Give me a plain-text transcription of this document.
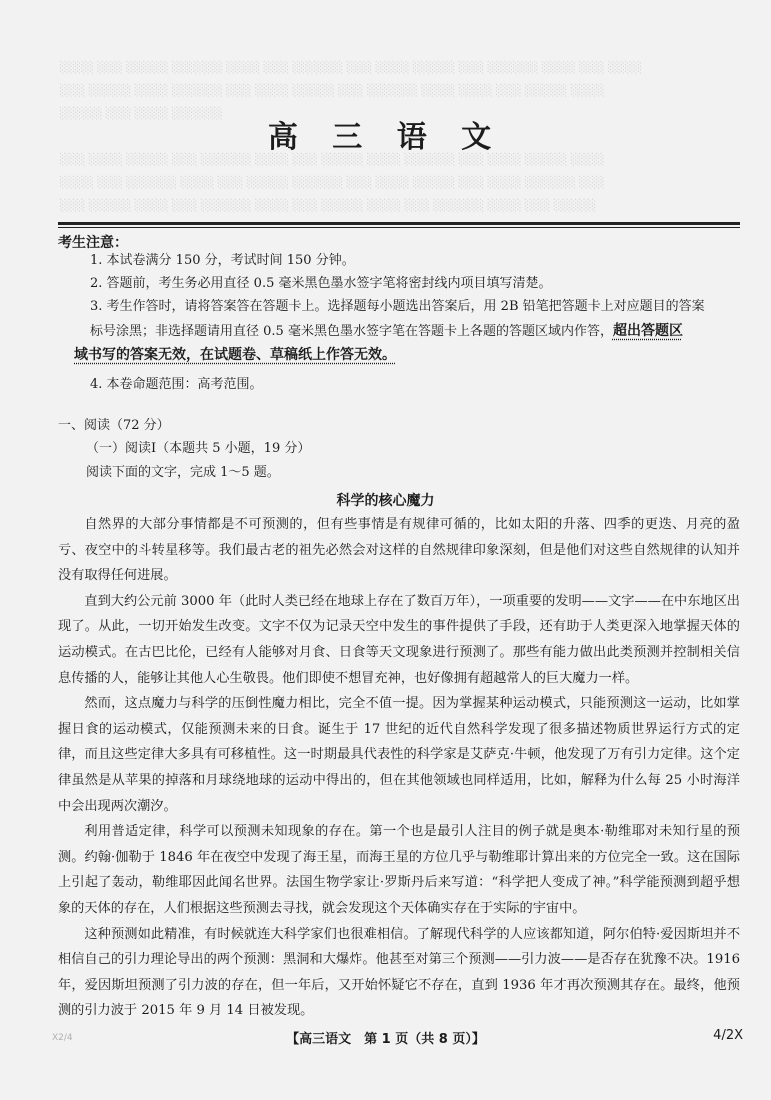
░░░░ ░░░ ░░░░░ ░░░░░░ ░░░░ ░░░ ░░░░░░ ░░░ ░░░░ ░░░░░ ░░░ ░░░░░░ ░░░░ ░░░ ░░░░
░░░ ░░░░░ ░░░░ ░░░░░░ ░░░ ░░░░ ░░░░░ ░░░ ░░░░░░ ░░░░ ░░░░ ░░░ ░░░░░ ░░░░
░░░░░ ░░░ ░░░░ ░░░░░░

░░░ ░░░░ ░░░░░ ░░░ ░░░░░░ ░░░░ ░░░ ░░░░░ ░░░░ ░░░░░░ ░░░ ░░░░ ░░░░░ ░░░░
░░░░ ░░░ ░░░░░░ ░░░░ ░░░ ░░░░░ ░░░░░░ ░░░ ░░░░ ░░░░░ ░░░ ░░░░ ░░░░░░ ░░░
░░░ ░░░░░ ░░░░ ░░░ ░░░░░░ ░░░░ ░░░ ░░░░░ ░░░░ ░░░ ░░░░░░ ░░░░ ░░░ ░░░░░
高 三 语 文
考生注意：
1. 本试卷满分 150 分，考试时间 150 分钟。
2. 答题前，考生务必用直径 0.5 毫米黑色墨水签字笔将密封线内项目填写清楚。
3. 考生作答时，请将答案答在答题卡上。选择题每小题选出答案后，用 2B 铅笔把答题卡上对应题目的答案
标号涂黑；非选择题请用直径 0.5 毫米黑色墨水签字笔在答题卡上各题的答题区域内作答，超出答题区
域书写的答案无效，在试题卷、草稿纸上作答无效。
4. 本卷命题范围：高考范围。
一、阅读（72 分）
（一）阅读Ⅰ（本题共 5 小题，19 分）
阅读下面的文字，完成 1～5 题。
科学的核心魔力

自然界的大部分事情都是不可预测的，但有些事情是有规律可循的，比如太阳的升落、四季的更迭、月亮的盈亏、夜空中的斗转星移等。我们最古老的祖先必然会对这样的自然规律印象深刻，但是他们对这些自然规律的认知并没有取得任何进展。

直到大约公元前 3000 年（此时人类已经在地球上存在了数百万年），一项重要的发明——文字——在中东地区出现了。从此，一切开始发生改变。文字不仅为记录天空中发生的事件提供了手段，还有助于人类更深入地掌握天体的运动模式。在古巴比伦，已经有人能够对月食、日食等天文现象进行预测了。那些有能力做出此类预测并控制相关信息传播的人，能够让其他人心生敬畏。他们即使不想冒充神，也好像拥有超越常人的巨大魔力一样。

然而，这点魔力与科学的压倒性魔力相比，完全不值一提。因为掌握某种运动模式，只能预测这一运动，比如掌握日食的运动模式，仅能预测未来的日食。诞生于 17 世纪的近代自然科学发现了很多描述物质世界运行方式的定律，而且这些定律大多具有可移植性。这一时期最具代表性的科学家是艾萨克·牛顿，他发现了万有引力定律。这个定律虽然是从苹果的掉落和月球绕地球的运动中得出的，但在其他领域也同样适用，比如，解释为什么每 25 小时海洋中会出现两次潮汐。

利用普适定律，科学可以预测未知现象的存在。第一个也是最引人注目的例子就是奥本·勒维耶对未知行星的预测。约翰·伽勒于 1846 年在夜空中发现了海王星，而海王星的方位几乎与勒维耶计算出来的方位完全一致。这在国际上引起了轰动，勒维耶因此闻名世界。法国生物学家让·罗斯丹后来写道：“科学把人变成了神。”科学能预测到超乎想象的天体的存在，人们根据这些预测去寻找，就会发现这个天体确实存在于实际的宇宙中。

这种预测如此精准，有时候就连大科学家们也很难相信。了解现代科学的人应该都知道，阿尔伯特·爱因斯坦并不相信自己的引力理论导出的两个预测：黑洞和大爆炸。他甚至对第三个预测——引力波——是否存在犹豫不决。1916 年，爱因斯坦预测了引力波的存在，但一年后，又开始怀疑它不存在，直到 1936 年才再次预测其存在。最终，他预测的引力波于 2015 年 9 月 14 日被发现。

X2/4	【高三语文　第 1 页（共 8 页）】	4/2X
